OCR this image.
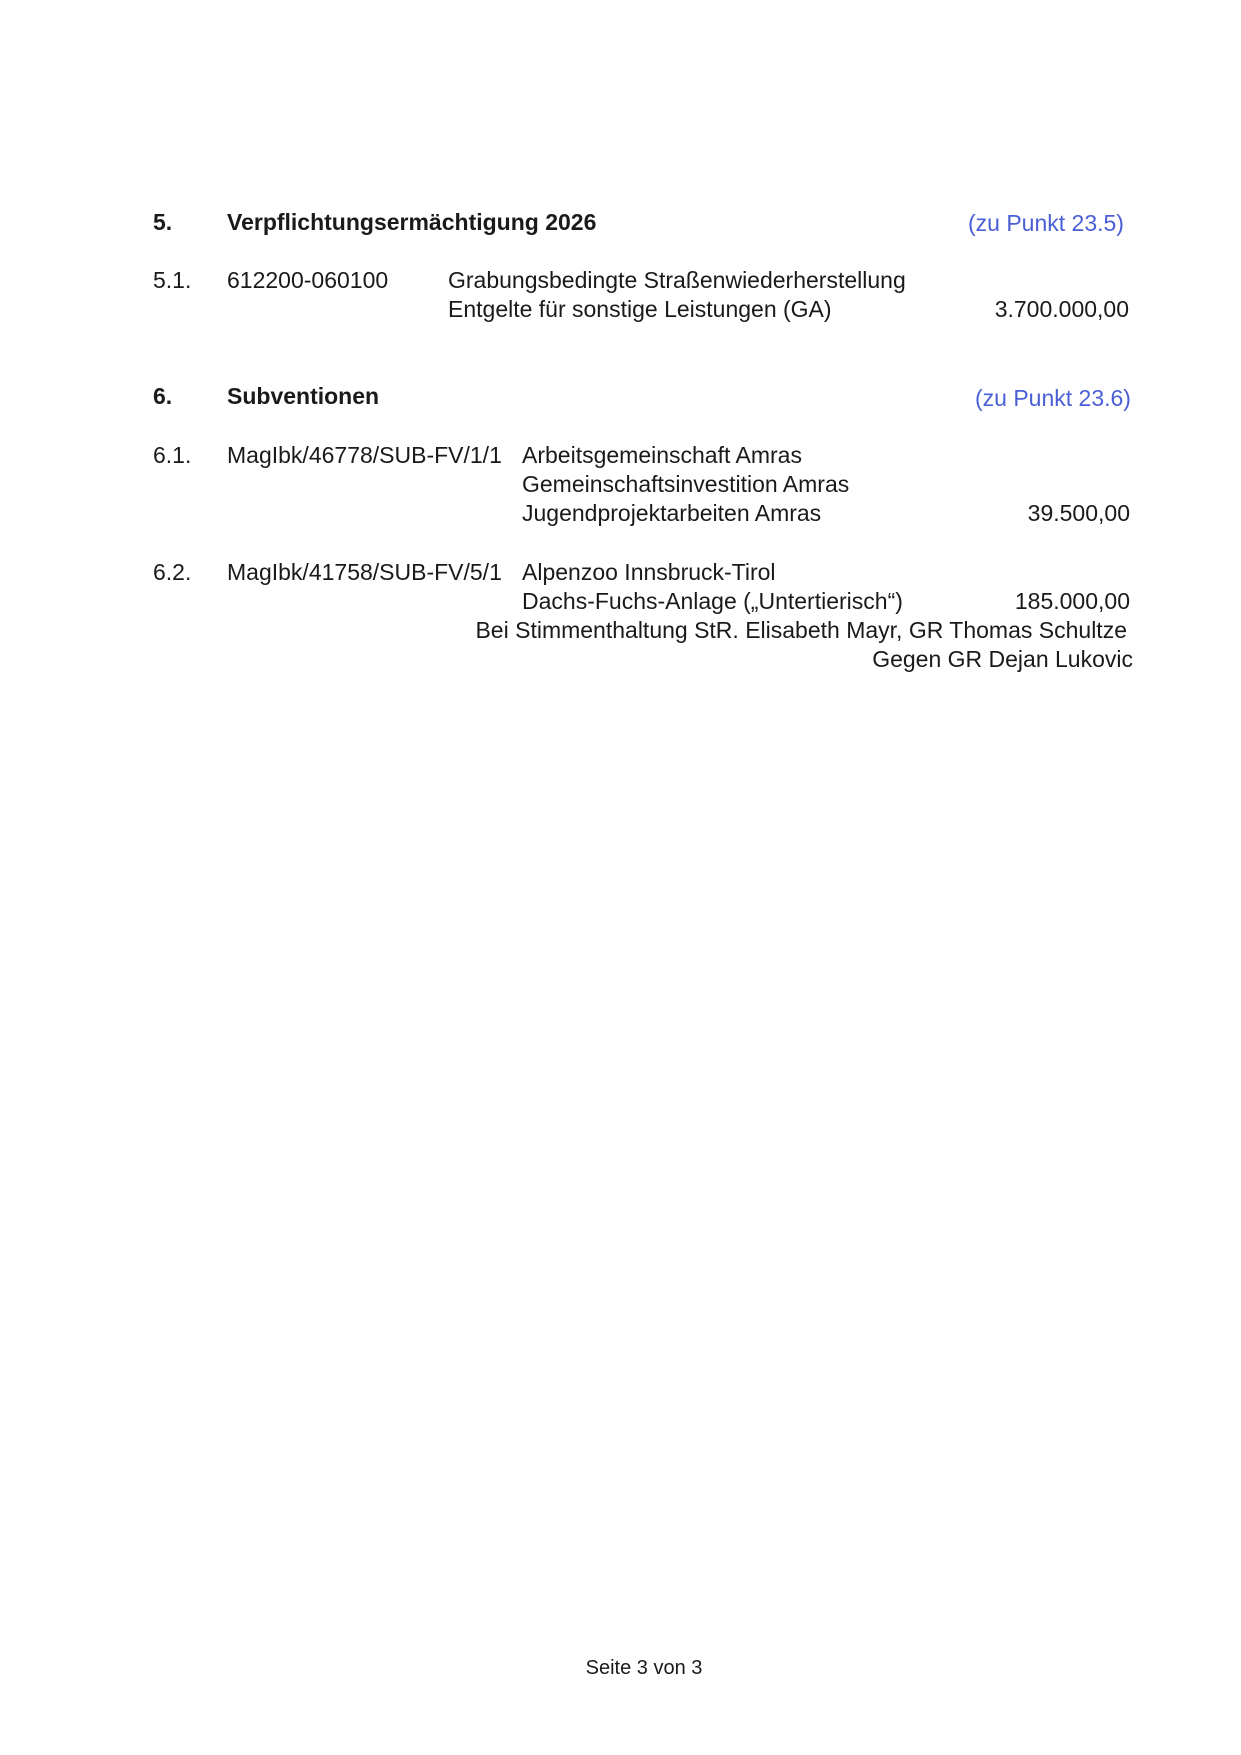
5. Verpflichtungsermächtigung 2026	(zu Punkt 23.5)
5.1. 612200-060100	Grabungsbedingte Straßenwiederherstellung
Entgelte für sonstige Leistungen (GA)	3.700.000,00
6. Subventionen	(zu Punkt 23.6)
6.1. MagIbk/46778/SUB-FV/1/1 Arbeitsgemeinschaft Amras
Gemeinschaftsinvestition Amras
Jugendprojektarbeiten Amras	39.500,00
6.2. MagIbk/41758/SUB-FV/5/1 Alpenzoo Innsbruck-Tirol
Dachs-Fuchs-Anlage („Untertierisch“)	185.000,00
Bei Stimmenthaltung StR. Elisabeth Mayr, GR Thomas Schultze
Gegen GR Dejan Lukovic
Seite 3 von 3
